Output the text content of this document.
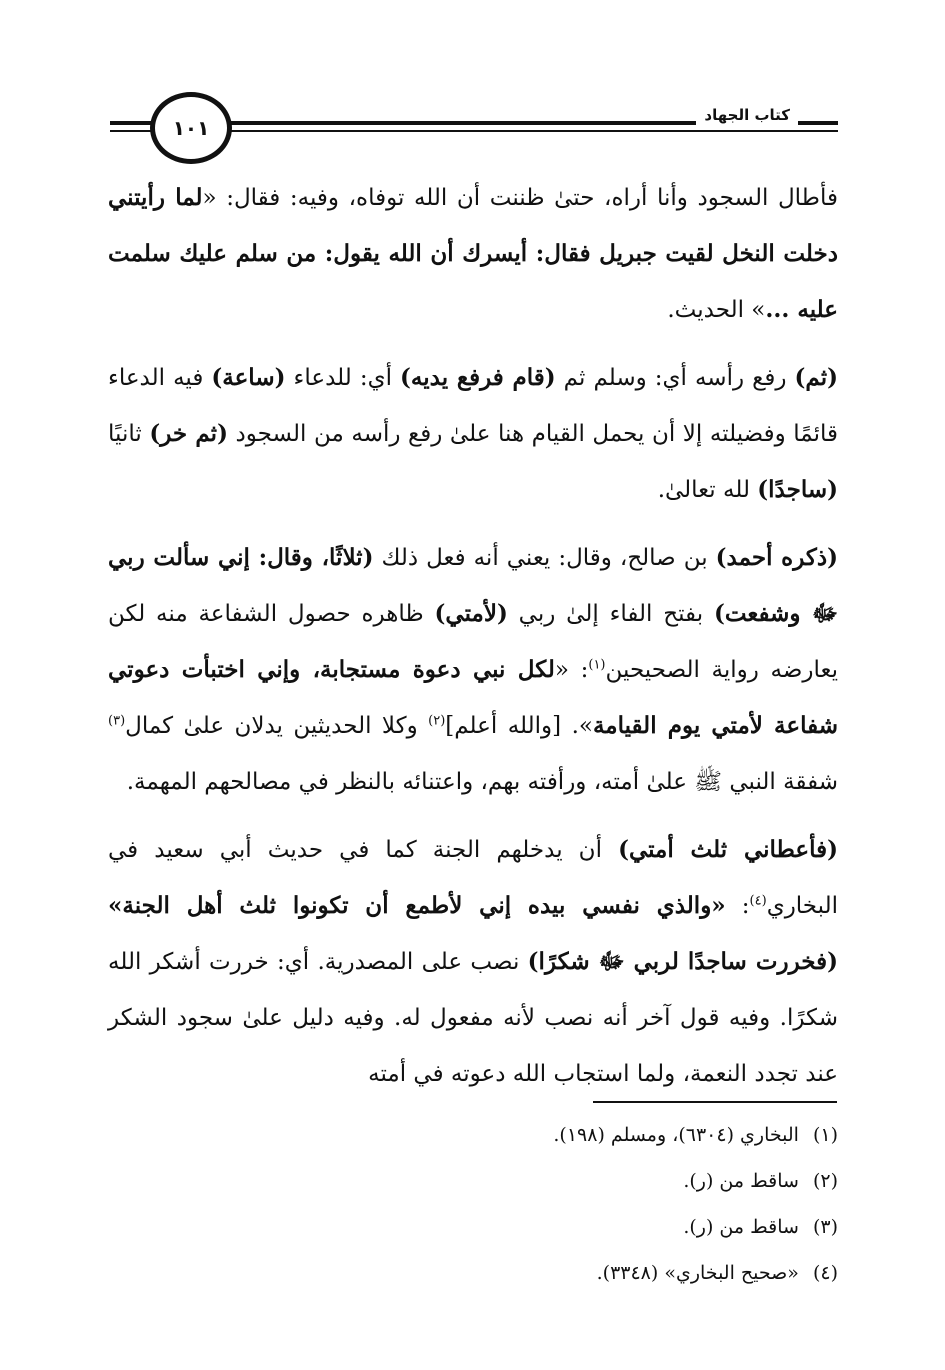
١٠١
كتاب الجهاد

فأطال السجود وأنا أراه، حتىٰ ظننت أن الله توفاه، وفيه: فقال: «لما رأيتني دخلت النخل لقيت جبريل فقال: أيسرك أن الله يقول: من سلم عليك سلمت عليه ...» الحديث.

(ثم) رفع رأسه أي: وسلم ثم (قام فرفع يديه) أي: للدعاء (ساعة) فيه الدعاء قائمًا وفضيلته إلا أن يحمل القيام هنا علىٰ رفع رأسه من السجود (ثم خر) ثانيًا (ساجدًا) لله تعالىٰ.

(ذكره أحمد) بن صالح، وقال: يعني أنه فعل ذلك (ثلاثًا، وقال: إني سألت ربي ﷻ وشفعت) بفتح الفاء إلىٰ ربي (لأمتي) ظاهره حصول الشفاعة منه لكن يعارضه رواية الصحيحين$^{(١)}$: «لكل نبي دعوة مستجابة، وإني اختبأت دعوتي شفاعة لأمتي يوم القيامة». [والله أعلم]$^{(٢)}$ وكلا الحديثين يدلان علىٰ كمال$^{(٣)}$ شفقة النبي ﷺ علىٰ أمته، ورأفته بهم، واعتنائه بالنظر في مصالحهم المهمة.

(فأعطاني ثلث أمتي) أن يدخلهم الجنة كما في حديث أبي سعيد في البخاري$^{(٤)}$: «والذي نفسي بيده إني لأطمع أن تكونوا ثلث أهل الجنة» (فخررت ساجدًا لربي ﷻ شكرًا) نصب على المصدرية. أي: خررت أشكر الله شكرًا. وفيه قول آخر أنه نصب لأنه مفعول له. وفيه دليل علىٰ سجود الشكر عند تجدد النعمة، ولما استجاب الله دعوته في أمته

(١)البخاري (٦٣٠٤)، ومسلم (١٩٨).
(٢)ساقط من (ر).
(٣)ساقط من (ر).
(٤)«صحيح البخاري» (٣٣٤٨).
